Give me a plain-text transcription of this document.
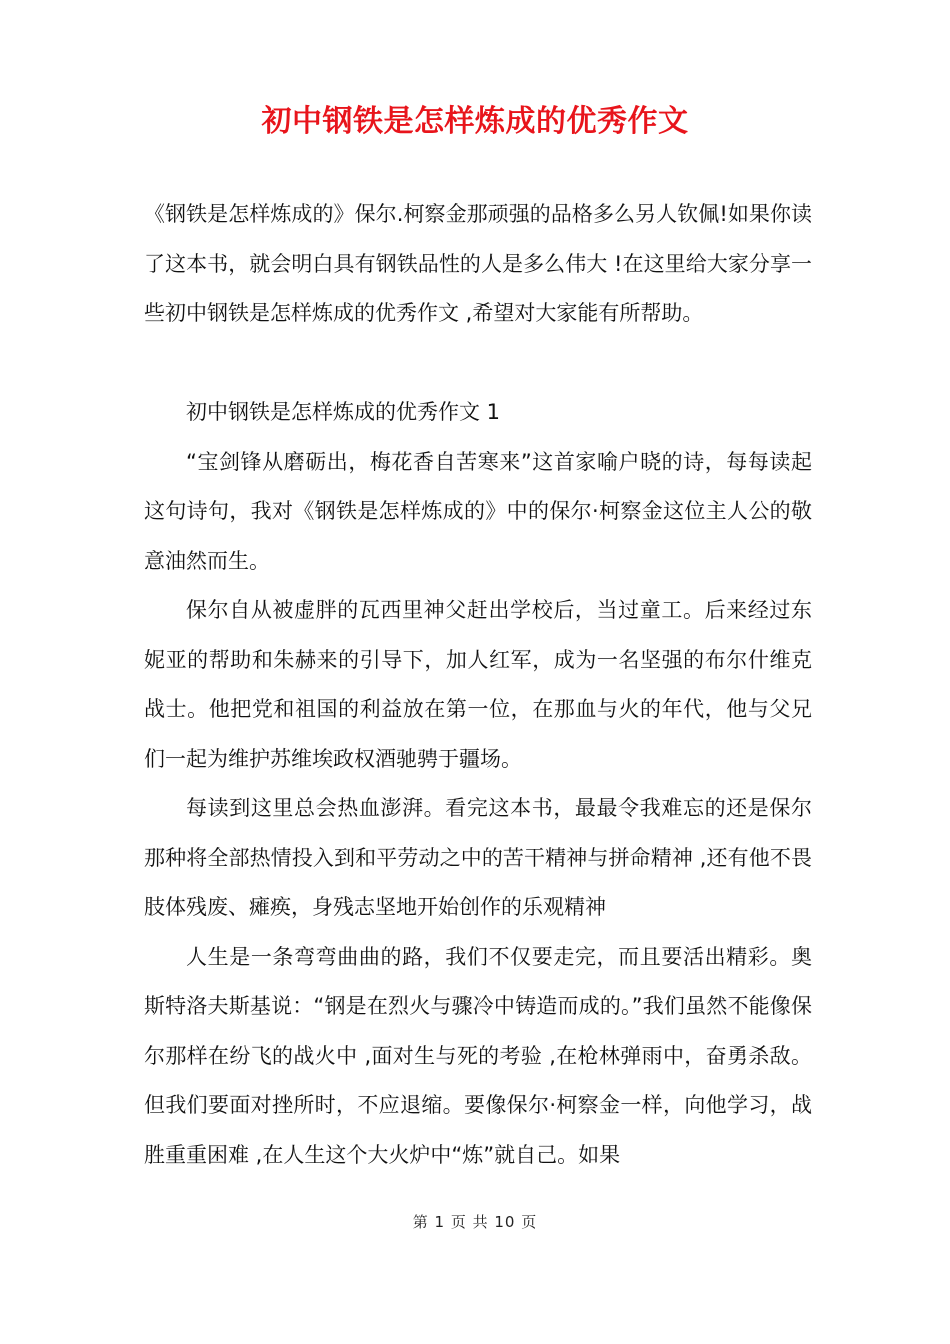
初中钢铁是怎样炼成的优秀作文

《钢铁是怎样炼成的》保尔.柯察金那顽强的品格多么另人钦佩!如果你读了这本书，就会明白具有钢铁品性的人是多么伟大 !在这里给大家分享一些初中钢铁是怎样炼成的优秀作文 ,希望对大家能有所帮助。

初中钢铁是怎样炼成的优秀作文 1

“宝剑锋从磨砺出，梅花香自苦寒来”这首家喻户晓的诗，每每读起这句诗句，我对《钢铁是怎样炼成的》中的保尔·柯察金这位主人公的敬意油然而生。

保尔自从被虚胖的瓦西里神父赶出学校后，当过童工。后来经过东妮亚的帮助和朱赫来的引导下，加人红军，成为一名坚强的布尔什维克战士。他把党和祖国的利益放在第一位，在那血与火的年代，他与父兄们一起为维护苏维埃政权酒驰骋于疆场。

每读到这里总会热血澎湃。看完这本书，最最令我难忘的还是保尔那种将全部热情投入到和平劳动之中的苦干精神与拼命精神 ,还有他不畏肢体残废、瘫痪，身残志坚地开始创作的乐观精神

人生是一条弯弯曲曲的路，我们不仅要走完，而且要活出精彩。奥斯特洛夫斯基说：“钢是在烈火与骤冷中铸造而成的。”我们虽然不能像保尔那样在纷飞的战火中 ,面对生与死的考验 ,在枪林弹雨中，奋勇杀敌。但我们要面对挫所时，不应退缩。要像保尔·柯察金一样，向他学习，战胜重重困难 ,在人生这个大火炉中“炼”就自己。如果

第 1 页 共 10 页
